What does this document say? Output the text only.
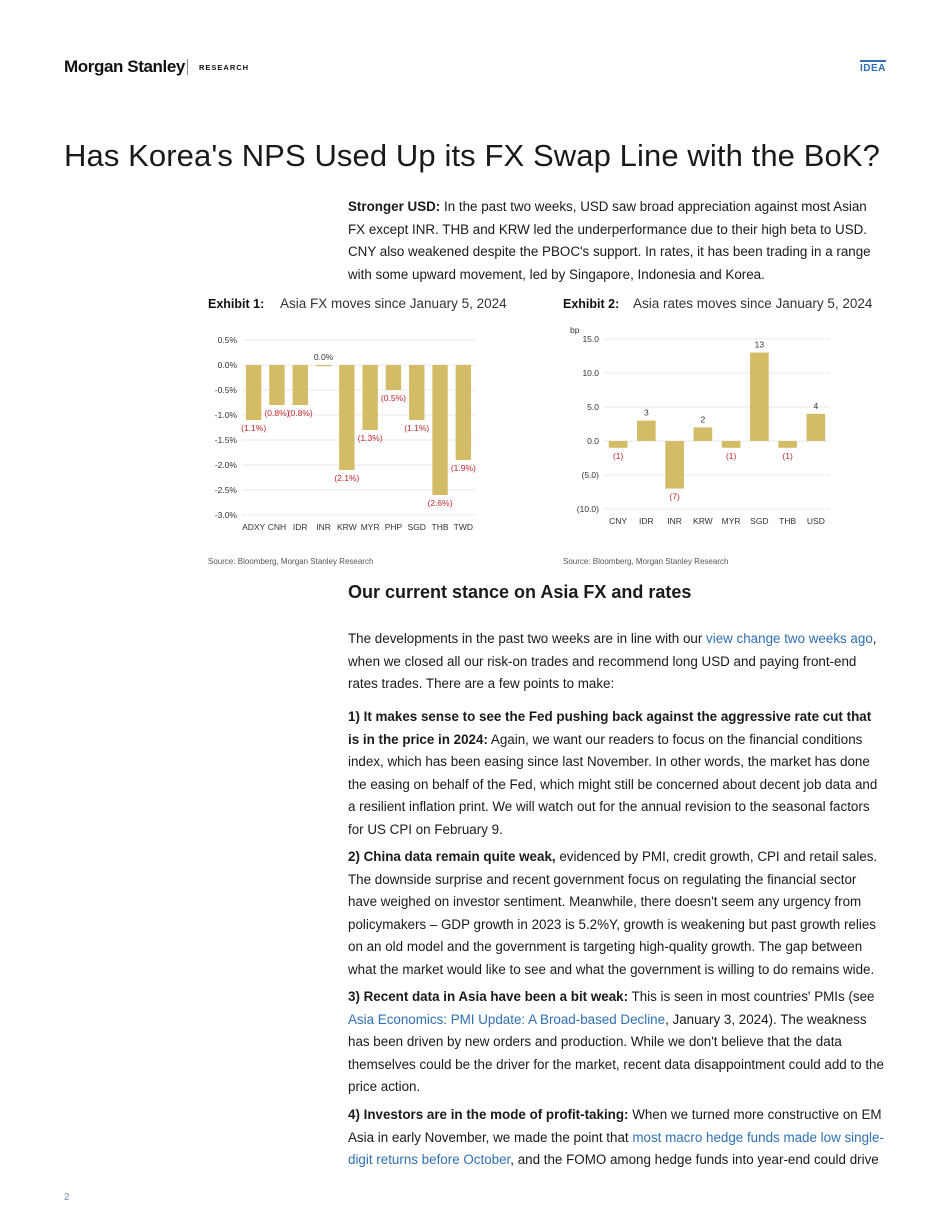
Morgan Stanley RESEARCH	IDEA
Has Korea's NPS Used Up its FX Swap Line with the BoK?
Stronger USD: In the past two weeks, USD saw broad appreciation against most Asian FX except INR. THB and KRW led the underperformance due to their high beta to USD. CNY also weakened despite the PBOC's support. In rates, it has been trading in a range with some upward movement, led by Singapore, Indonesia and Korea.
Exhibit 1: Asia FX moves since January 5, 2024	Exhibit 2: Asia rates moves since January 5, 2024
0.5%
0.0%
-0.5%
-1.0%
-1.5%
-2.0%
-2.5%
-3.0%
ADXY CNH IDR INR KRW MYR PHP SGD THB TWD
(1.1%)
(0.8%)
(0.8%)
0.0%
(2.1%)
(1.3%)
(0.5%)
(1.1%)
(2.6%)
(1.9%)
bp
15.0
10.0
5.0
0.0
(5.0)
(10.0)
CNY IDR INR KRW MYR SGD THB USD
(1)
3
(7)
2
(1)
13
(1)
4
Source: Bloomberg, Morgan Stanley Research	Source: Bloomberg, Morgan Stanley Research
Our current stance on Asia FX and rates
The developments in the past two weeks are in line with our view change two weeks ago, when we closed all our risk-on trades and recommend long USD and paying front-end rates trades. There are a few points to make:
1) It makes sense to see the Fed pushing back against the aggressive rate cut that is in the price in 2024: Again, we want our readers to focus on the financial conditions index, which has been easing since last November. In other words, the market has done the easing on behalf of the Fed, which might still be concerned about decent job data and a resilient inflation print. We will watch out for the annual revision to the seasonal factors for US CPI on February 9.
2) China data remain quite weak, evidenced by PMI, credit growth, CPI and retail sales. The downside surprise and recent government focus on regulating the financial sector have weighed on investor sentiment. Meanwhile, there doesn't seem any urgency from policymakers – GDP growth in 2023 is 5.2%Y, growth is weakening but past growth relies on an old model and the government is targeting high-quality growth. The gap between what the market would like to see and what the government is willing to do remains wide.
3) Recent data in Asia have been a bit weak: This is seen in most countries' PMIs (see Asia Economics: PMI Update: A Broad-based Decline, January 3, 2024). The weakness has been driven by new orders and production. While we don't believe that the data themselves could be the driver for the market, recent data disappointment could add to the price action.
4) Investors are in the mode of profit-taking: When we turned more constructive on EM Asia in early November, we made the point that most macro hedge funds made low single-digit returns before October, and the FOMO among hedge funds into year-end could drive
2
